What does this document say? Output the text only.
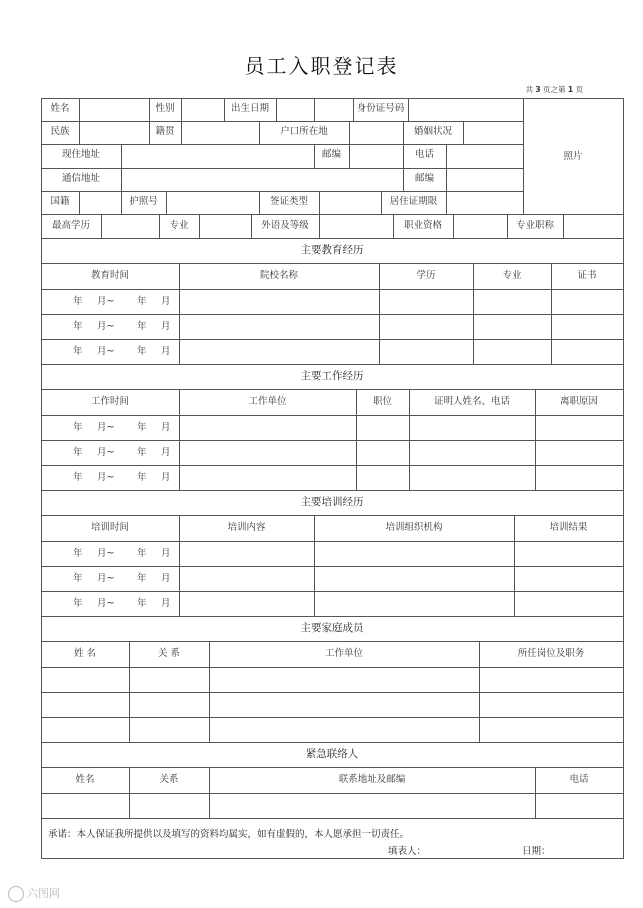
员工入职登记表
共 3 页之第 1 页
照片
姓名	性别	出生日期	身份证号码
民族	籍贯	户口所在地	婚姻状况
现住地址	邮编	电话
通信地址	邮编
国籍	护照号	签证类型	居住证期限
最高学历	专业	外语及等级	职业资格	专业职称
主要教育经历
教育时间	院校名称	学历	专业	证书
年 月~ 年 月
年 月~ 年 月
年 月~ 年 月
主要工作经历
工作时间	工作单位	职位	证明人姓名、电话	离职原因
年 月~ 年 月
年 月~ 年 月
年 月~ 年 月
主要培训经历
培训时间	培训内容	培训组织机构	培训结果
年 月~ 年 月
年 月~ 年 月
年 月~ 年 月
主要家庭成员
姓 名	关 系	工作单位	所任岗位及职务
紧急联络人
姓名	关系	联系地址及邮编	电话
承诺：本人保证我所提供以及填写的资料均属实，如有虚假的，本人愿承担一切责任。
填表人：	日期：
六图网
